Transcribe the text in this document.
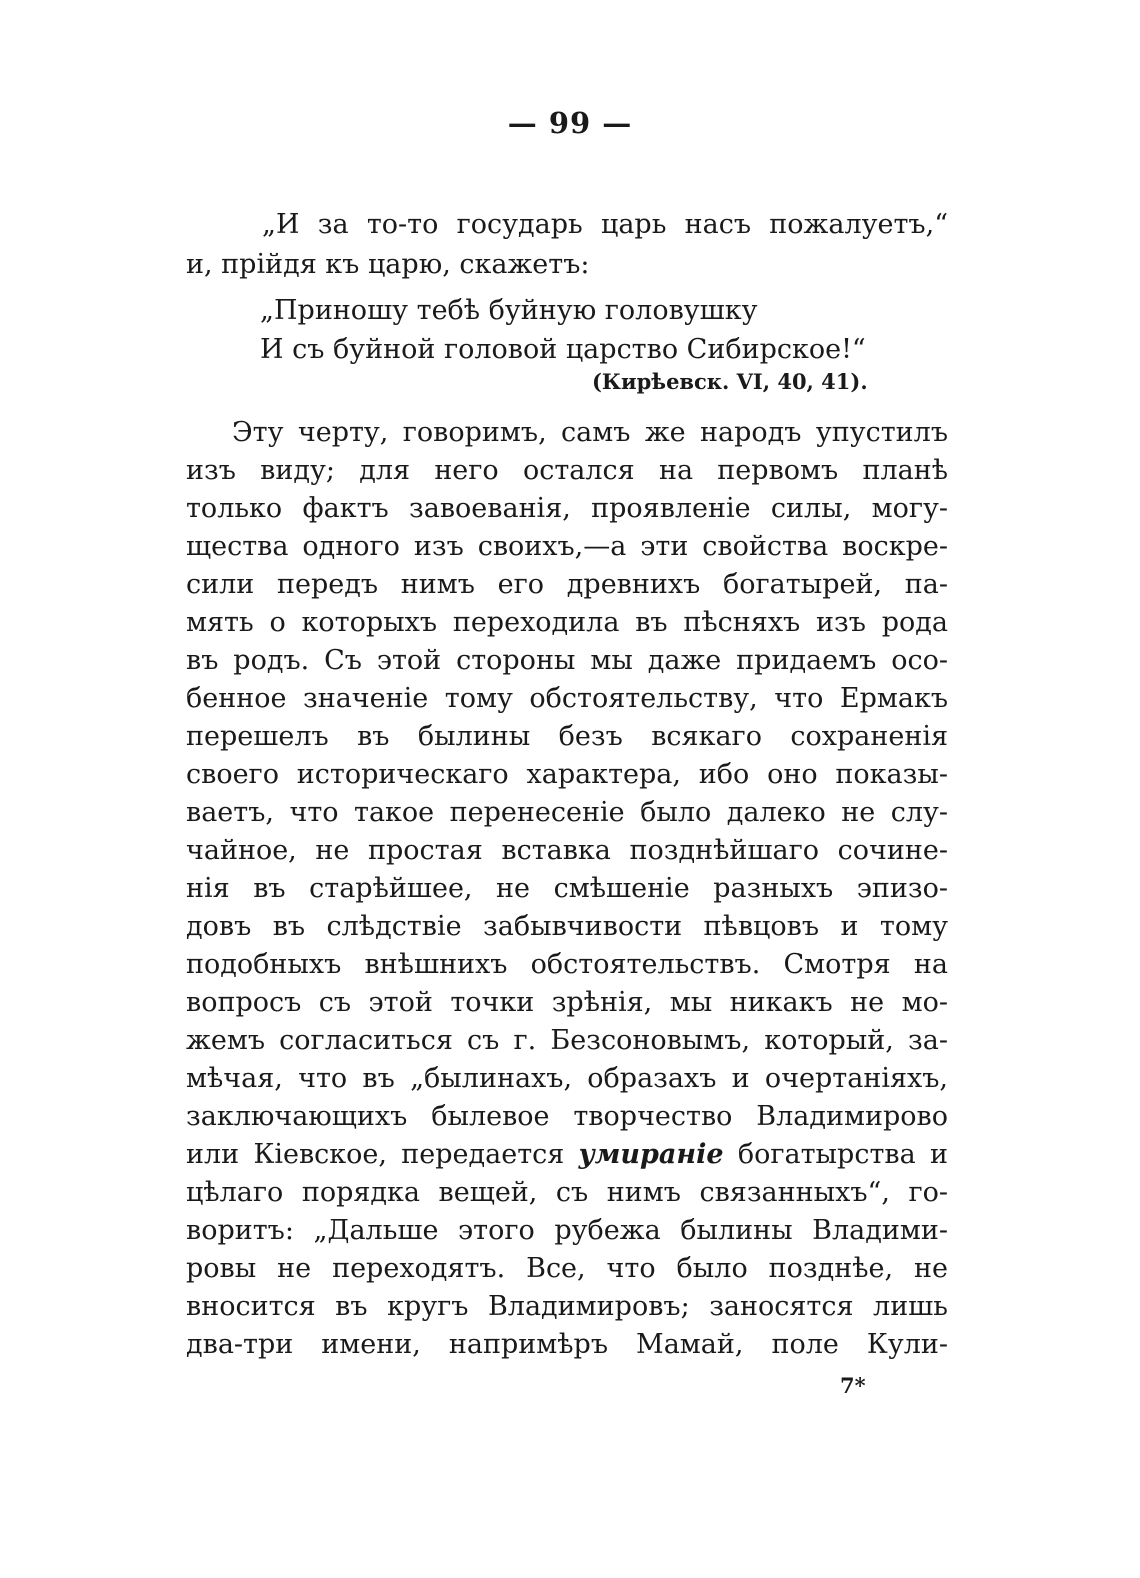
— 99 —
„И за то-то государь царь насъ пожалуетъ,“
и, прійдя къ царю, скажетъ:
„Приношу тебѣ буйную головушку
И съ буйной головой царство Сибирское!“
(Кирѣевск. VI, 40, 41).
Эту черту, говоримъ, самъ же народъ упустилъ
изъ виду; для него остался на первомъ планѣ
только фактъ завоеванія, проявленіе силы, могу-
щества одного изъ своихъ,—а эти свойства воскре-
сили передъ нимъ его древнихъ богатырей, па-
мять о которыхъ переходила въ пѣсняхъ изъ рода
въ родъ. Съ этой стороны мы даже придаемъ осо-
бенное значеніе тому обстоятельству, что Ермакъ
перешелъ въ былины безъ всякаго сохраненія
своего историческаго характера, ибо оно показы-
ваетъ, что такое перенесеніе было далеко не слу-
чайное, не простая вставка позднѣйшаго сочине-
нія въ старѣйшее, не смѣшеніе разныхъ эпизо-
довъ въ слѣдствіе забывчивости пѣвцовъ и тому
подобныхъ внѣшнихъ обстоятельствъ. Смотря на
вопросъ съ этой точки зрѣнія, мы никакъ не мо-
жемъ согласиться съ г. Безсоновымъ, который, за-
мѣчая, что въ „былинахъ, образахъ и очертаніяхъ,
заключающихъ былевое творчество Владимирово
или Кіевское, передается умираніе богатырства и
цѣлаго порядка вещей, съ нимъ связанныхъ“, го-
воритъ: „Дальше этого рубежа былины Владими-
ровы не переходятъ. Все, что было позднѣе, не
вносится въ кругъ Владимировъ; заносятся лишь
два-три имени, напримѣръ Мамай, поле Кули-
7*
